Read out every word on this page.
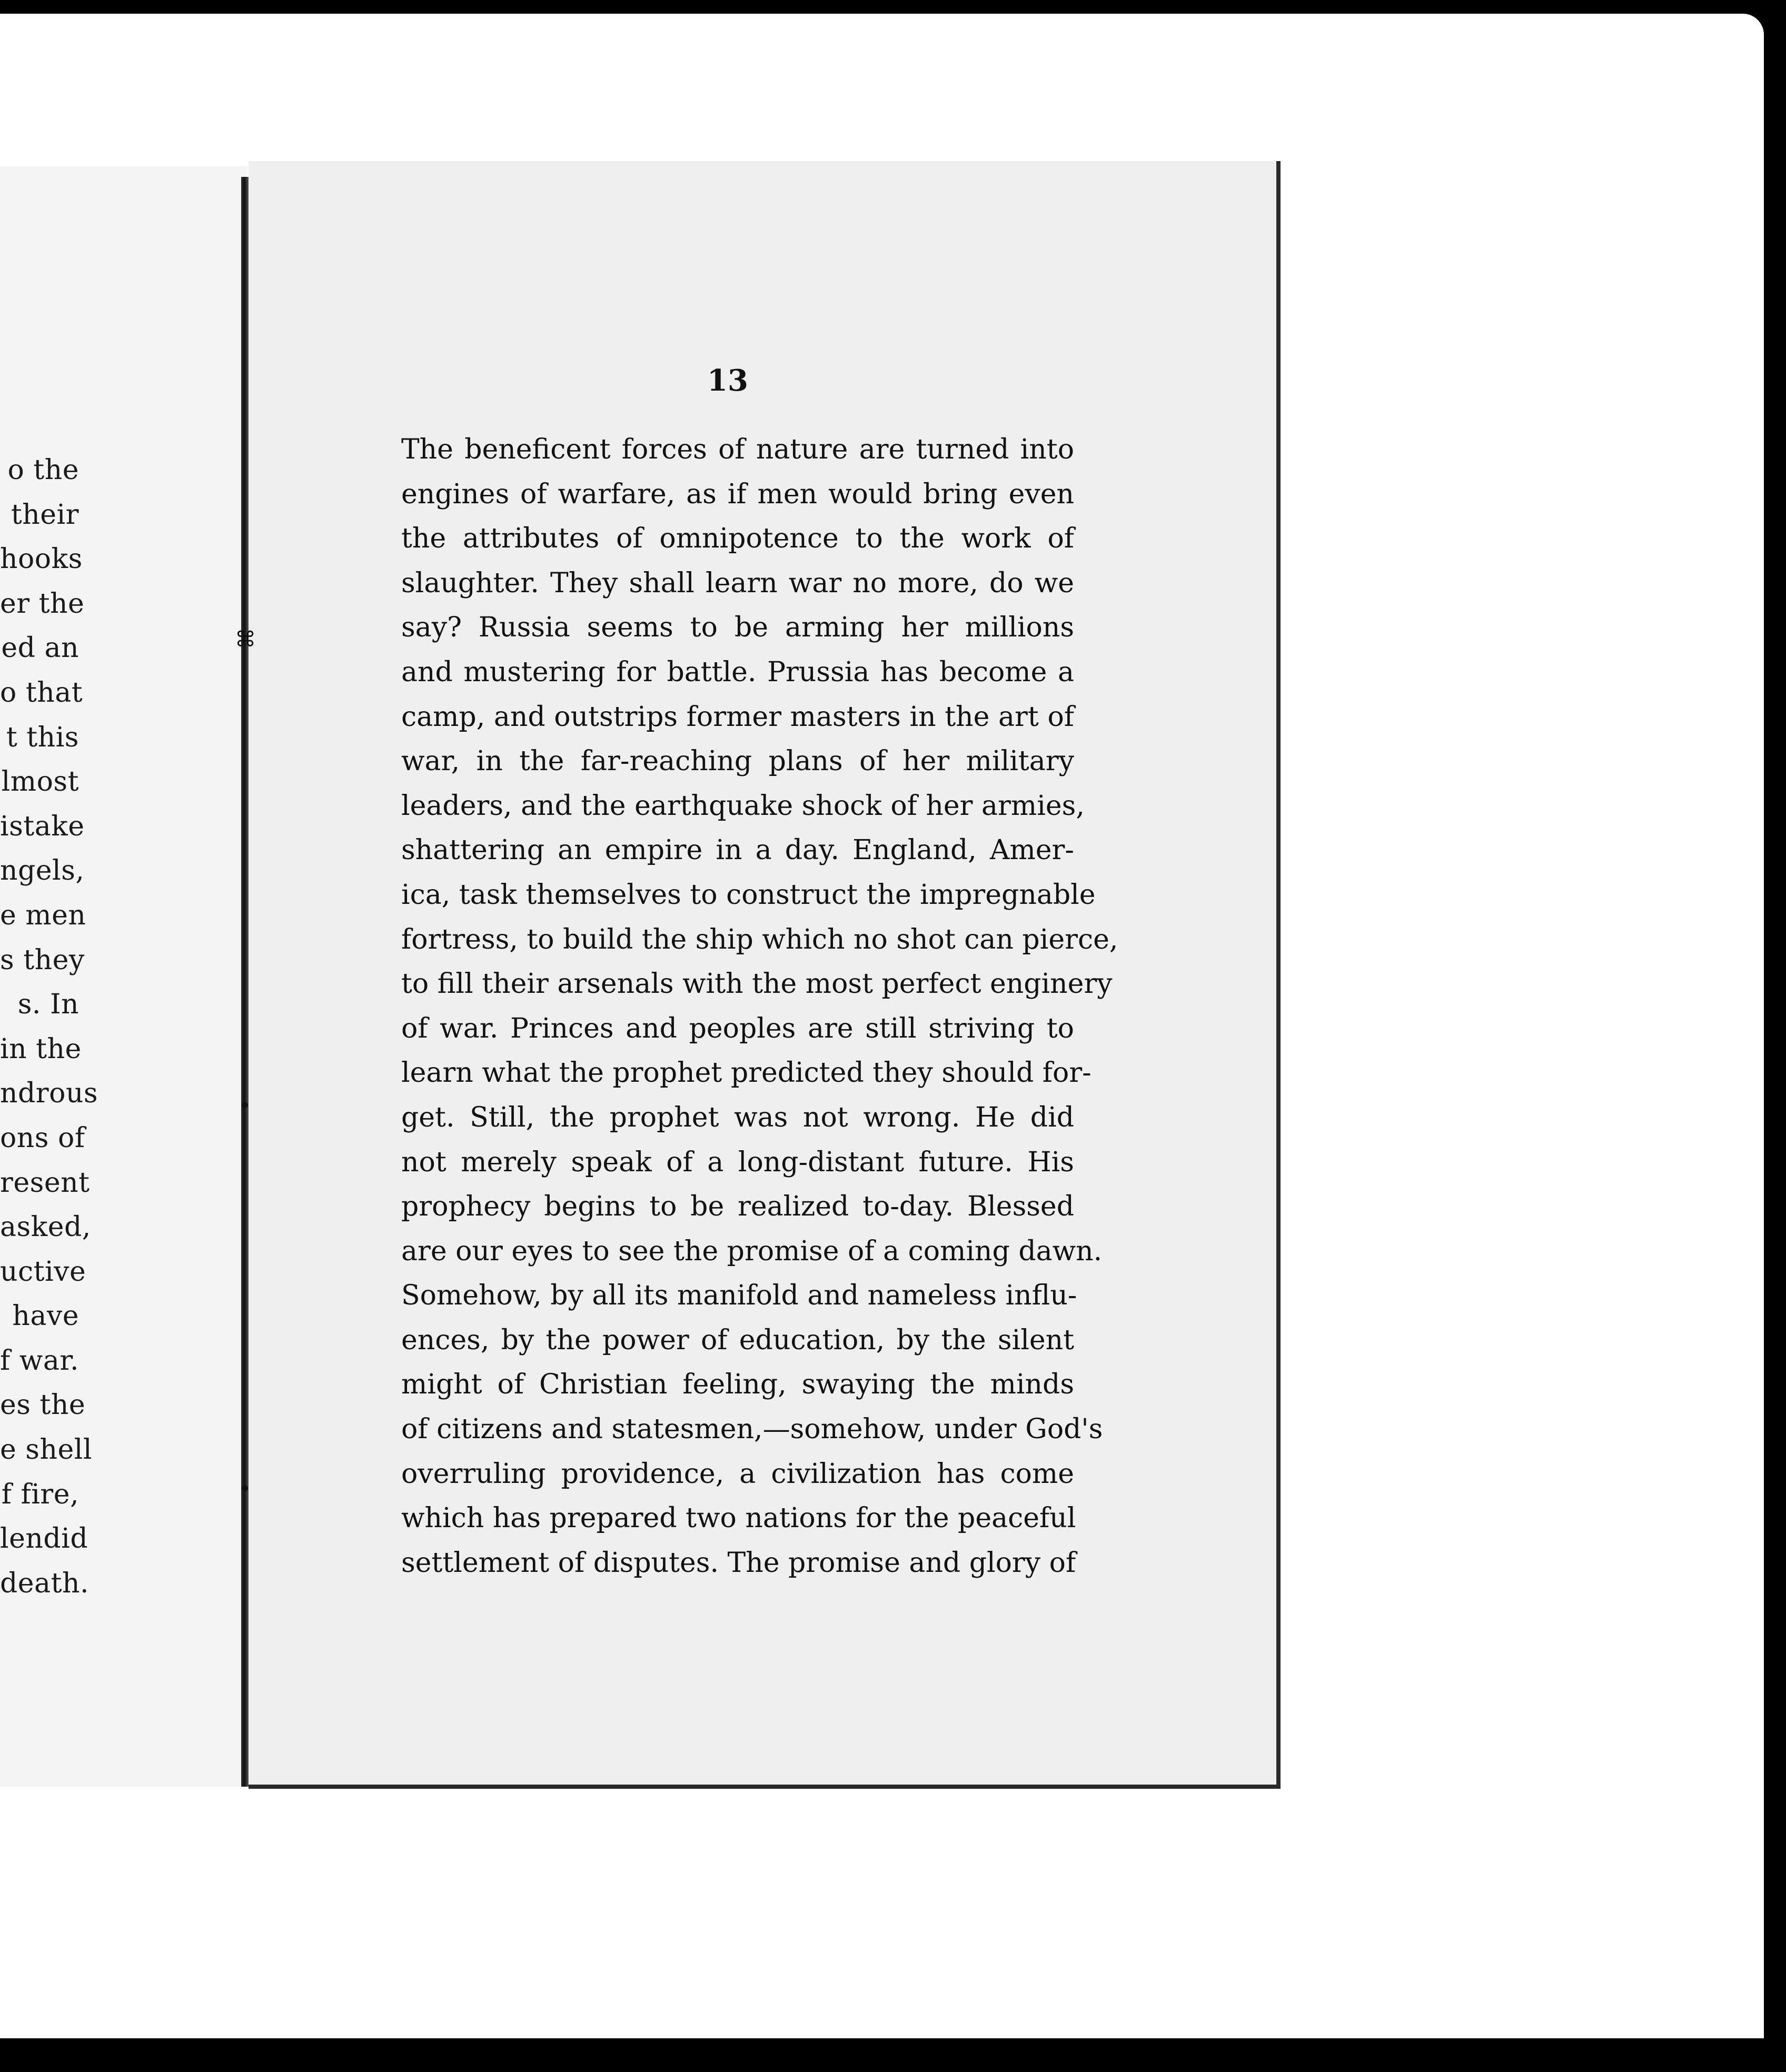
o the
their
hooks
er the
ed an
o that
t this
lmost
istake
ngels,
e men
s they
s. In
in the
ndrous
ons of
resent
asked,
uctive
have
f war.
es the
e shell
f fire,
lendid
death.
⌘
•
•
13
The beneficent forces of nature are turned into
engines of warfare, as if men would bring even
the attributes of omnipotence to the work of
slaughter. They shall learn war no more, do we
say? Russia seems to be arming her millions
and mustering for battle. Prussia has become a
camp, and outstrips former masters in the art of
war, in the far-reaching plans of her military
leaders, and the earthquake shock of her armies,
shattering an empire in a day. England, Amer-
ica, task themselves to construct the impregnable
fortress, to build the ship which no shot can pierce,
to fill their arsenals with the most perfect enginery
of war. Princes and peoples are still striving to
learn what the prophet predicted they should for-
get. Still, the prophet was not wrong. He did
not merely speak of a long-distant future. His
prophecy begins to be realized to-day. Blessed
are our eyes to see the promise of a coming dawn.
Somehow, by all its manifold and nameless influ-
ences, by the power of education, by the silent
might of Christian feeling, swaying the minds
of citizens and statesmen,—somehow, under God's
overruling providence, a civilization has come
which has prepared two nations for the peaceful
settlement of disputes. The promise and glory of
